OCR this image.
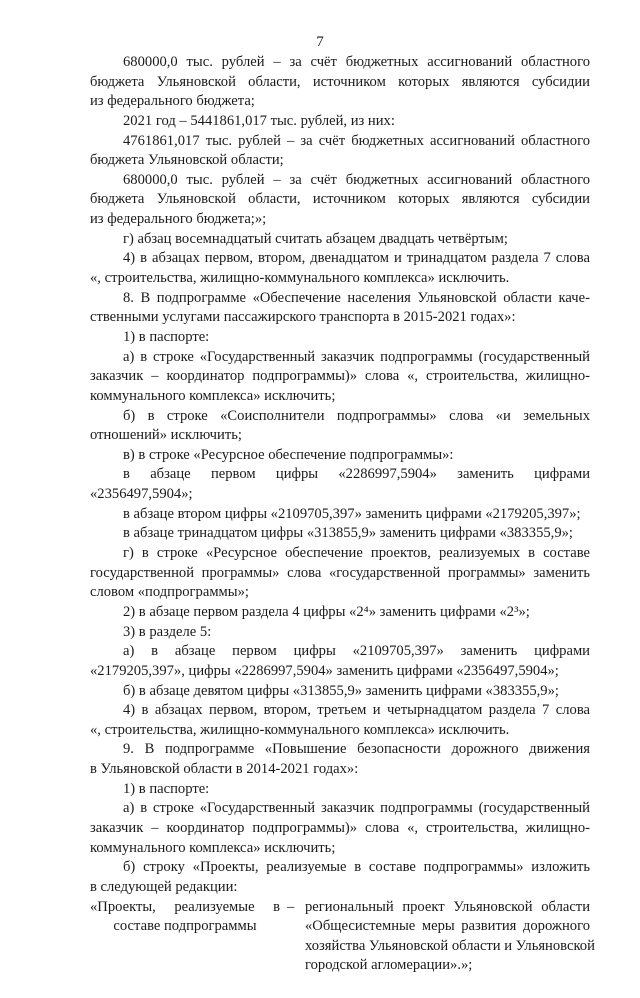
7
680000,0 тыс. рублей – за счёт бюджетных ассигнований областного
бюджета Ульяновской области, источником которых являются субсидии
из федерального бюджета;
2021 год – 5441861,017 тыс. рублей, из них:
4761861,017 тыс. рублей – за счёт бюджетных ассигнований областного
бюджета Ульяновской области;
680000,0 тыс. рублей – за счёт бюджетных ассигнований областного
бюджета Ульяновской области, источником которых являются субсидии
из федерального бюджета;»;
г) абзац восемнадцатый считать абзацем двадцать четвёртым;
4) в абзацах первом, втором, двенадцатом и тринадцатом раздела 7 слова
«, строительства, жилищно-коммунального комплекса» исключить.
8. В подпрограмме «Обеспечение населения Ульяновской области каче-
ственными услугами пассажирского транспорта в 2015-2021 годах»:
1) в паспорте:
а) в строке «Государственный заказчик подпрограммы (государственный
заказчик – координатор подпрограммы)» слова «, строительства, жилищно-
коммунального комплекса» исключить;
б) в строке «Соисполнители подпрограммы» слова «и земельных
отношений» исключить;
в) в строке «Ресурсное обеспечение подпрограммы»:
в абзаце первом цифры «2286997,5904» заменить цифрами
«2356497,5904»;
в абзаце втором цифры «2109705,397» заменить цифрами «2179205,397»;
в абзаце тринадцатом цифры «313855,9» заменить цифрами «383355,9»;
г) в строке «Ресурсное обеспечение проектов, реализуемых в составе
государственной программы» слова «государственной программы» заменить
словом «подпрограммы»;
2) в абзаце первом раздела 4 цифры «2⁴» заменить цифрами «2³»;
3) в разделе 5:
а) в абзаце первом цифры «2109705,397» заменить цифрами
«2179205,397», цифры «2286997,5904» заменить цифрами «2356497,5904»;
б) в абзаце девятом цифры «313855,9» заменить цифрами «383355,9»;
4) в абзацах первом, втором, третьем и четырнадцатом раздела 7 слова
«, строительства, жилищно-коммунального комплекса» исключить.
9. В подпрограмме «Повышение безопасности дорожного движения
в Ульяновской области в 2014-2021 годах»:
1) в паспорте:
а) в строке «Государственный заказчик подпрограммы (государственный
заказчик – координатор подпрограммы)» слова «, строительства, жилищно-
коммунального комплекса» исключить;
б) строку «Проекты, реализуемые в составе подпрограммы» изложить
в следующей редакции:
«Проекты, реализуемые в
составе подпрограммы
– региональный проект Ульяновской области
«Общесистемные меры развития дорожного
хозяйства Ульяновской области и Ульяновской
городской агломерации».»;
